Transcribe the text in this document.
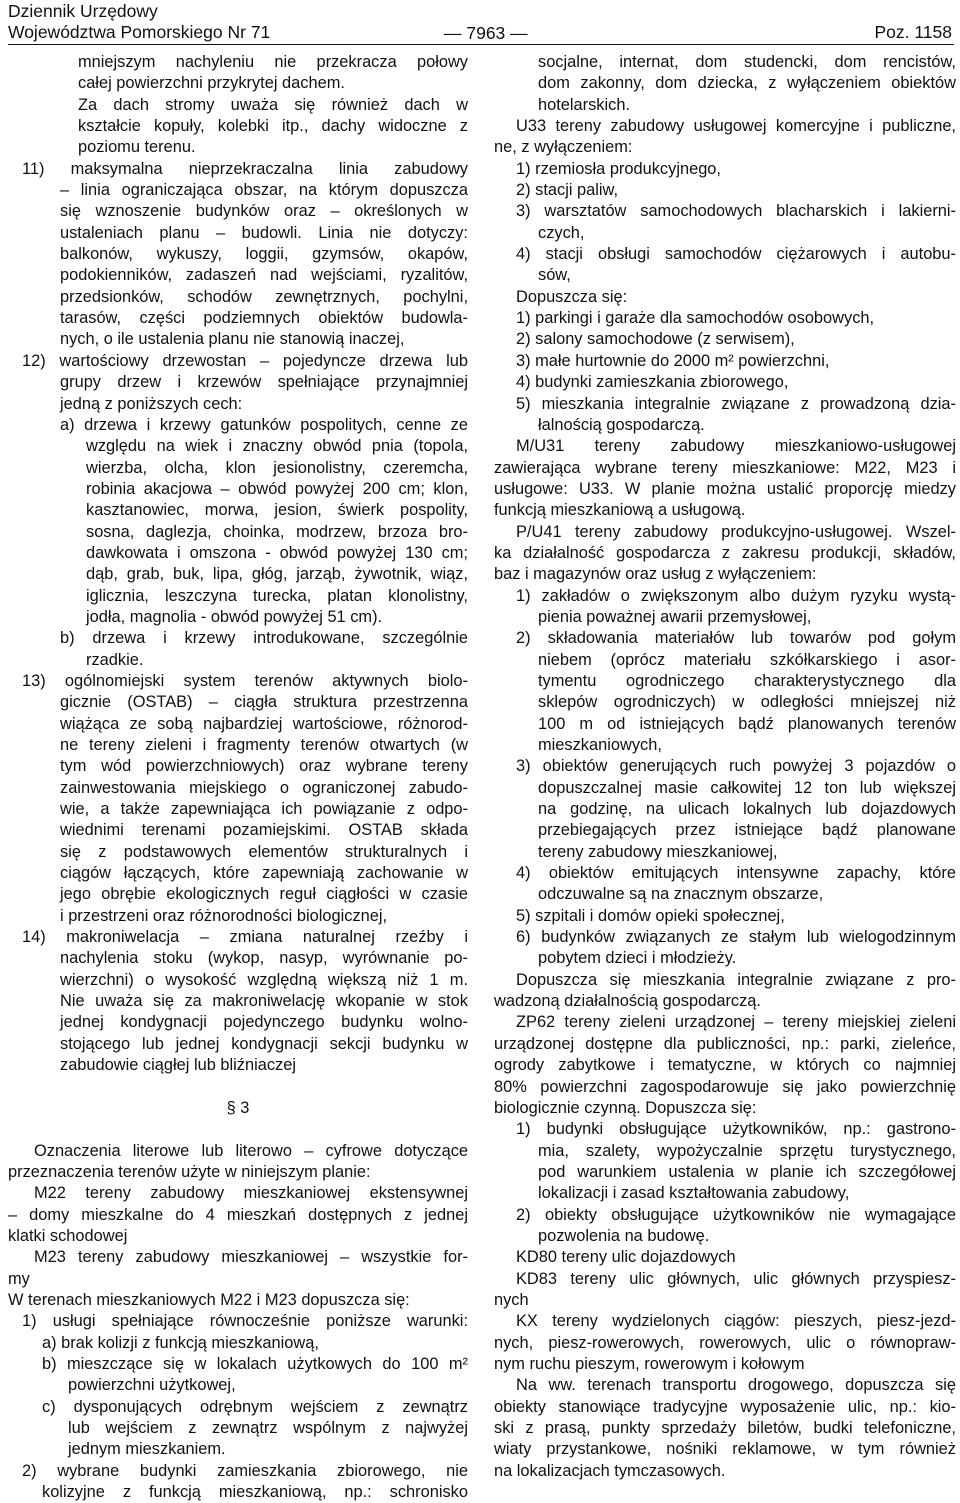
Dziennik Urzędowy
Województwa Pomorskiego Nr 71	— 7963 —	Poz. 1158
mniejszym nachyleniu nie przekracza połowy
całej powierzchni przykrytej dachem.
Za dach stromy uważa się również dach w
kształcie kopuły, kolebki itp., dachy widoczne z
poziomu terenu.
11) maksymalna nieprzekraczalna linia zabudowy
– linia ograniczająca obszar, na którym dopuszcza
się wznoszenie budynków oraz – określonych w
ustaleniach planu – budowli. Linia nie dotyczy:
balkonów, wykuszy, loggii, gzymsów, okapów,
podokienników, zadaszeń nad wejściami, ryzalitów,
przedsionków, schodów zewnętrznych, pochylni,
tarasów, części podziemnych obiektów budowla-
nych, o ile ustalenia planu nie stanowią inaczej,
12) wartościowy drzewostan – pojedyncze drzewa lub
grupy drzew i krzewów spełniające przynajmniej
jedną z poniższych cech:
a) drzewa i krzewy gatunków pospolitych, cenne ze
względu na wiek i znaczny obwód pnia (topola,
wierzba, olcha, klon jesionolistny, czeremcha,
robinia akacjowa – obwód powyżej 200 cm; klon,
kasztanowiec, morwa, jesion, świerk pospolity,
sosna, daglezja, choinka, modrzew, brzoza bro-
dawkowata i omszona - obwód powyżej 130 cm;
dąb, grab, buk, lipa, głóg, jarząb, żywotnik, wiąz,
iglicznia, leszczyna turecka, platan klonolistny,
jodła, magnolia - obwód powyżej 51 cm).
b) drzewa i krzewy introdukowane, szczególnie
rzadkie.
13) ogólnomiejski system terenów aktywnych biolo-
gicznie (OSTAB) – ciągła struktura przestrzenna
wiążąca ze sobą najbardziej wartościowe, różnorod-
ne tereny zieleni i fragmenty terenów otwartych (w
tym wód powierzchniowych) oraz wybrane tereny
zainwestowania miejskiego o ograniczonej zabudo-
wie, a także zapewniająca ich powiązanie z odpo-
wiednimi terenami pozamiejskimi. OSTAB składa
się z podstawowych elementów strukturalnych i
ciągów łączących, które zapewniają zachowanie w
jego obrębie ekologicznych reguł ciągłości w czasie
i przestrzeni oraz różnorodności biologicznej,
14) makroniwelacja – zmiana naturalnej rzeźby i
nachylenia stoku (wykop, nasyp, wyrównanie po-
wierzchni) o wysokość względną większą niż 1 m.
Nie uważa się za makroniwelację wkopanie w stok
jednej kondygnacji pojedynczego budynku wolno-
stojącego lub jednej kondygnacji sekcji budynku w
zabudowie ciągłej lub bliźniaczej
§ 3
Oznaczenia literowe lub literowo – cyfrowe dotyczące
przeznaczenia terenów użyte w niniejszym planie:
M22 tereny zabudowy mieszkaniowej ekstensywnej
– domy mieszkalne do 4 mieszkań dostępnych z jednej
klatki schodowej
M23 tereny zabudowy mieszkaniowej – wszystkie for-
my
W terenach mieszkaniowych M22 i M23 dopuszcza się:
1) usługi spełniające równocześnie poniższe warunki:
a) brak kolizji z funkcją mieszkaniową,
b) mieszczące się w lokalach użytkowych do 100 m²
powierzchni użytkowej,
c) dysponujących odrębnym wejściem z zewnątrz
lub wejściem z zewnątrz wspólnym z najwyżej
jednym mieszkaniem.
2) wybrane budynki zamieszkania zbiorowego, nie
kolizyjne z funkcją mieszkaniową, np.: schronisko
socjalne, internat, dom studencki, dom rencistów,
dom zakonny, dom dziecka, z wyłączeniem obiektów
hotelarskich.
U33 tereny zabudowy usługowej komercyjne i publiczne,
ne, z wyłączeniem:
1) rzemiosła produkcyjnego,
2) stacji paliw,
3) warsztatów samochodowych blacharskich i lakierni-
czych,
4) stacji obsługi samochodów ciężarowych i autobu-
sów,
Dopuszcza się:
1) parkingi i garaże dla samochodów osobowych,
2) salony samochodowe (z serwisem),
3) małe hurtownie do 2000 m² powierzchni,
4) budynki zamieszkania zbiorowego,
5) mieszkania integralnie związane z prowadzoną dzia-
łalnością gospodarczą.
M/U31 tereny zabudowy mieszkaniowo-usługowej
zawierająca wybrane tereny mieszkaniowe: M22, M23 i
usługowe: U33. W planie można ustalić proporcję miedzy
funkcją mieszkaniową a usługową.
P/U41 tereny zabudowy produkcyjno-usługowej. Wszel-
ka działalność gospodarcza z zakresu produkcji, składów,
baz i magazynów oraz usług z wyłączeniem:
1) zakładów o zwiększonym albo dużym ryzyku wystą-
pienia poważnej awarii przemysłowej,
2) składowania materiałów lub towarów pod gołym
niebem (oprócz materiału szkółkarskiego i asor-
tymentu ogrodniczego charakterystycznego dla
sklepów ogrodniczych) w odległości mniejszej niż
100 m od istniejących bądź planowanych terenów
mieszkaniowych,
3) obiektów generujących ruch powyżej 3 pojazdów o
dopuszczalnej masie całkowitej 12 ton lub większej
na godzinę, na ulicach lokalnych lub dojazdowych
przebiegających przez istniejące bądź planowane
tereny zabudowy mieszkaniowej,
4) obiektów emitujących intensywne zapachy, które
odczuwalne są na znacznym obszarze,
5) szpitali i domów opieki społecznej,
6) budynków związanych ze stałym lub wielogodzinnym
pobytem dzieci i młodzieży.
Dopuszcza się mieszkania integralnie związane z pro-
wadzoną działalnością gospodarczą.
ZP62 tereny zieleni urządzonej – tereny miejskiej zieleni
urządzonej dostępne dla publiczności, np.: parki, zieleńce,
ogrody zabytkowe i tematyczne, w których co najmniej
80% powierzchni zagospodarowuje się jako powierzchnię
biologicznie czynną. Dopuszcza się:
1) budynki obsługujące użytkowników, np.: gastrono-
mia, szalety, wypożyczalnie sprzętu turystycznego,
pod warunkiem ustalenia w planie ich szczegółowej
lokalizacji i zasad kształtowania zabudowy,
2) obiekty obsługujące użytkowników nie wymagające
pozwolenia na budowę.
KD80 tereny ulic dojazdowych
KD83 tereny ulic głównych, ulic głównych przyspiesz-
nych
KX tereny wydzielonych ciągów: pieszych, piesz-jezd-
nych, piesz-rowerowych, rowerowych, ulic o równopraw-
nym ruchu pieszym, rowerowym i kołowym
Na ww. terenach transportu drogowego, dopuszcza się
obiekty stanowiące tradycyjne wyposażenie ulic, np.: kio-
ski z prasą, punkty sprzedaży biletów, budki telefoniczne,
wiaty przystankowe, nośniki reklamowe, w tym również
na lokalizacjach tymczasowych.
